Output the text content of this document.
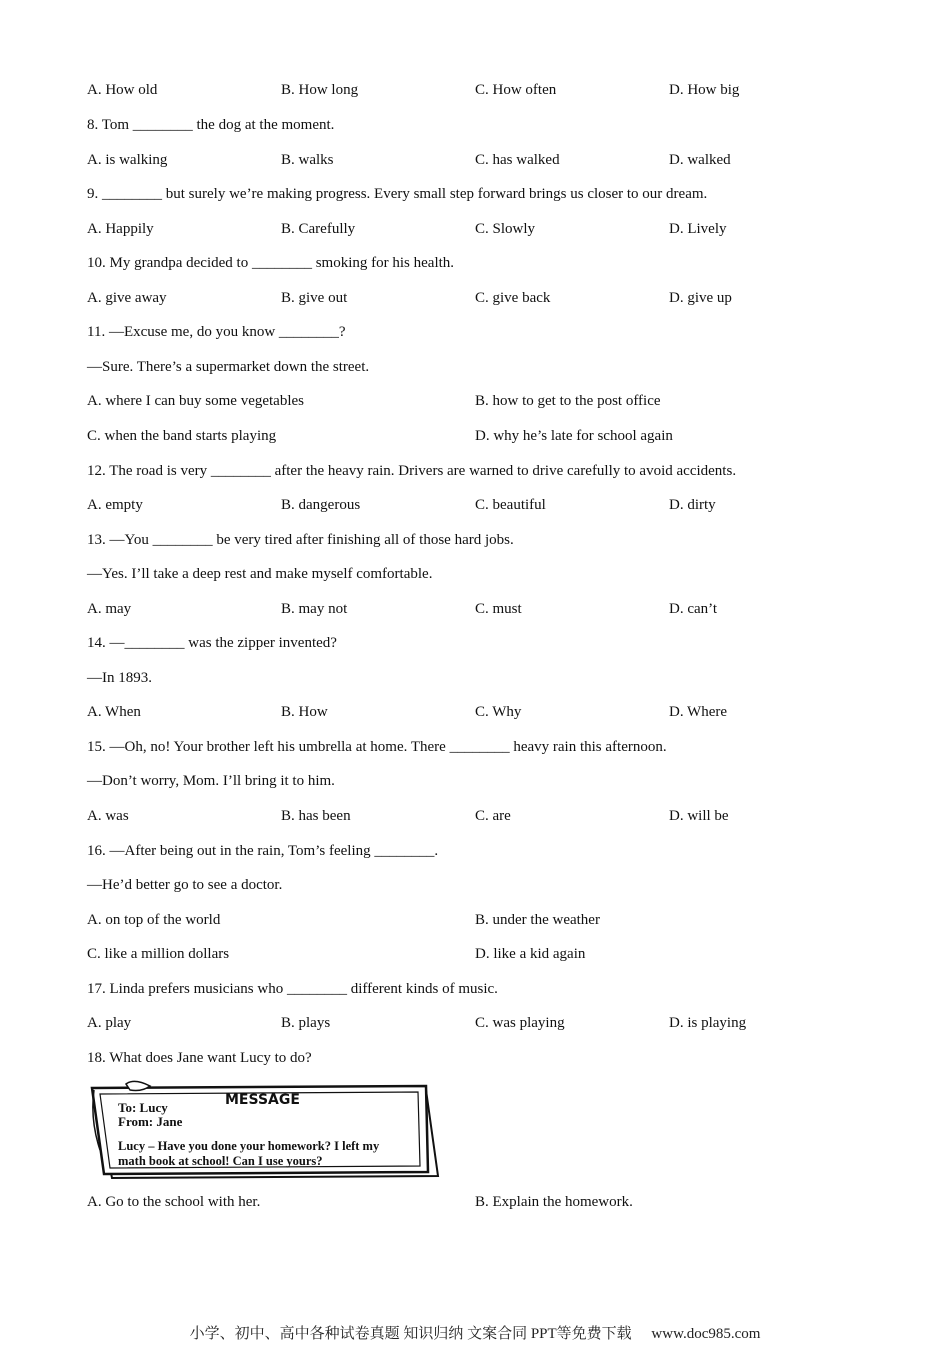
A. How old	B. How long	C. How often	D. How big
8. Tom ________ the dog at the moment.
A. is walking	B. walks	C. has walked	D. walked
9. ________ but surely we’re making progress. Every small step forward brings us closer to our dream.
A. Happily	B. Carefully	C. Slowly	D. Lively
10. My grandpa decided to ________ smoking for his health.
A. give away	B. give out	C. give back	D. give up
11. —Excuse me, do you know ________?
—Sure. There’s a supermarket down the street.
A. where I can buy some vegetables	B. how to get to the post office
C. when the band starts playing	D. why he’s late for school again
12. The road is very ________ after the heavy rain. Drivers are warned to drive carefully to avoid accidents.
A. empty	B. dangerous	C. beautiful	D. dirty
13. —You ________ be very tired after finishing all of those hard jobs.
—Yes. I’ll take a deep rest and make myself comfortable.
A. may	B. may not	C. must	D. can’t
14. —________ was the zipper invented?
—In 1893.
A. When	B. How	C. Why	D. Where
15. —Oh, no! Your brother left his umbrella at home. There ________ heavy rain this afternoon.
—Don’t worry, Mom. I’ll bring it to him.
A. was	B. has been	C. are	D. will be
16. —After being out in the rain, Tom’s feeling ________.
—He’d better go to see a doctor.
A. on top of the world	B. under the weather
C. like a million dollars	D. like a kid again
17. Linda prefers musicians who ________ different kinds of music.
A. play	B. plays	C. was playing	D. is playing
18. What does Jane want Lucy to do?
MESSAGE
To: Lucy
From: Jane
Lucy – Have you done your homework? I left my
math book at school! Can I use yours?
A. Go to the school with her.	B. Explain the homework.
小学、初中、高中各种试卷真题 知识归纳 文案合同 PPT等免费下载 www.doc985.com
